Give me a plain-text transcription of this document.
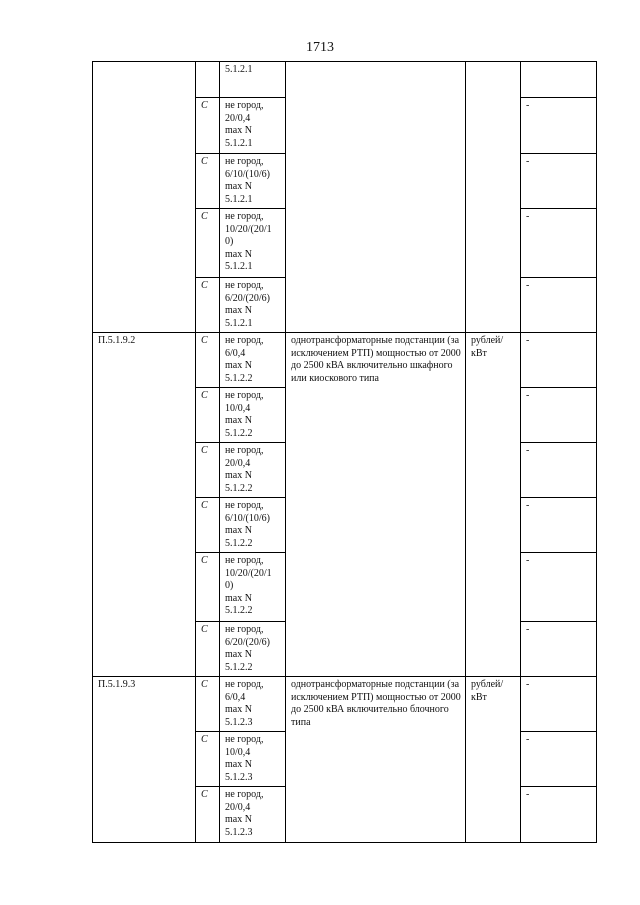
1713
		5.1.2.1			
	C	не город,
20/0,4
max N
5.1.2.1			-
	C	не город,
6/10/(10/6)
max N
5.1.2.1			-
	C	не город,
10/20/(20/1
0)
max N
5.1.2.1			-
	C	не город,
6/20/(20/6)
max N
5.1.2.1			-
П.5.1.9.2	C	не город,
6/0,4
max N
5.1.2.2	однотрансформаторные подстанции (за исключением РТП) мощностью от 2000 до 2500 кВА включительно шкафного или киоскового типа	рублей/
кВт	-
	C	не город,
10/0,4
max N
5.1.2.2			-
	C	не город,
20/0,4
max N
5.1.2.2			-
	C	не город,
6/10/(10/6)
max N
5.1.2.2			-
	C	не город,
10/20/(20/1
0)
max N
5.1.2.2			-
	C	не город,
6/20/(20/6)
max N
5.1.2.2			-
П.5.1.9.3	C	не город,
6/0,4
max N
5.1.2.3	однотрансформаторные подстанции (за исключением РТП) мощностью от 2000 до 2500 кВА включительно блочного типа	рублей/
кВт	-
	C	не город,
10/0,4
max N
5.1.2.3			-
	C	не город,
20/0,4
max N
5.1.2.3			-
